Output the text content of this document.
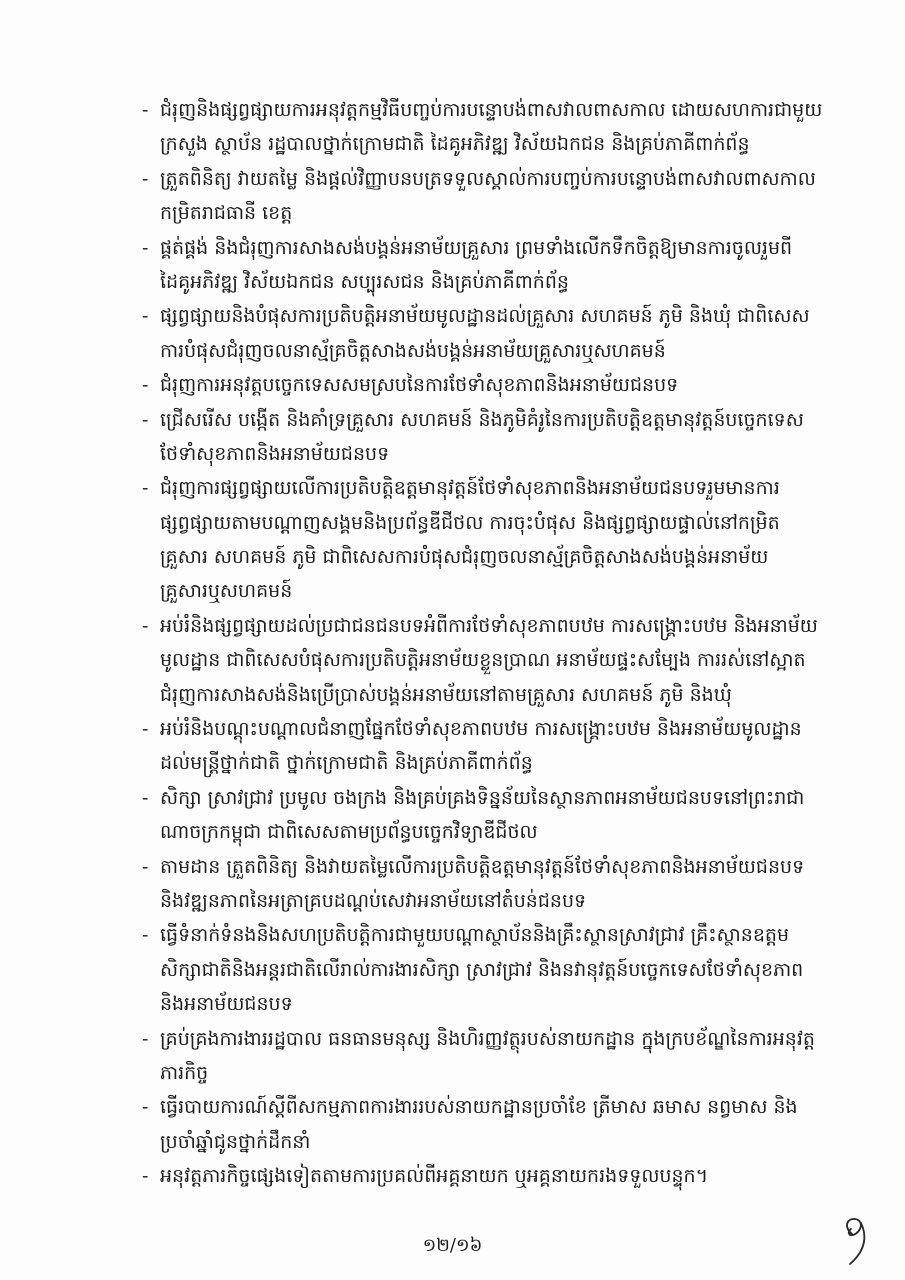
- ជំរុញនិងផ្សព្វផ្សាយការអនុវត្តកម្មវិធីបញ្ចប់ការបន្ទោបង់ពាសវាលពាសកាល ដោយសហការជាមួយ
ក្រសួង ស្ថាប័ន រដ្ឋបាលថ្នាក់ក្រោមជាតិ ដៃគូអភិវឌ្ឍ វិស័យឯកជន និងគ្រប់ភាគីពាក់ព័ន្ធ
- ត្រួតពិនិត្យ វាយតម្លៃ និងផ្ដល់វិញ្ញាបនបត្រទទួលស្គាល់ការបញ្ចប់ការបន្ទោបង់ពាសវាលពាសកាល
កម្រិតរាជធានី ខេត្ត
- ផ្គត់ផ្គង់ និងជំរុញការសាងសង់បង្គន់អនាម័យគ្រួសារ ព្រមទាំងលើកទឹកចិត្តឱ្យមានការចូលរួមពី
ដៃគូអភិវឌ្ឍ វិស័យឯកជន សប្បុរសជន និងគ្រប់ភាគីពាក់ព័ន្ធ
- ផ្សព្វផ្សាយនិងបំផុសការប្រតិបត្តិអនាម័យមូលដ្ឋានដល់គ្រួសារ សហគមន៍ ភូមិ និងឃុំ ជាពិសេស
ការបំផុសជំរុញចលនាស្ម័គ្រចិត្តសាងសង់បង្គន់អនាម័យគ្រួសារឬសហគមន៍
- ជំរុញការអនុវត្តបច្ចេកទេសសមស្របនៃការថែទាំសុខភាពនិងអនាម័យជនបទ
- ជ្រើសរើស បង្កើត និងគាំទ្រគ្រួសារ សហគមន៍ និងភូមិគំរូនៃការប្រតិបត្តិឧត្តមានុវត្តន៍បច្ចេកទេស
ថែទាំសុខភាពនិងអនាម័យជនបទ
- ជំរុញការផ្សព្វផ្សាយលើការប្រតិបត្តិឧត្តមានុវត្តន៍ថែទាំសុខភាពនិងអនាម័យជនបទរួមមានការ
ផ្សព្វផ្សាយតាមបណ្ដាញសង្គមនិងប្រព័ន្ធឌីជីថល ការចុះបំផុស និងផ្សព្វផ្សាយផ្ទាល់នៅកម្រិត
គ្រួសារ សហគមន៍ ភូមិ ជាពិសេសការបំផុសជំរុញចលនាស្ម័គ្រចិត្តសាងសង់បង្គន់អនាម័យ
គ្រួសារឬសហគមន៍
- អប់រំនិងផ្សព្វផ្សាយដល់ប្រជាជនជនបទអំពីការថែទាំសុខភាពបឋម ការសង្គ្រោះបឋម និងអនាម័យ
មូលដ្ឋាន ជាពិសេសបំផុសការប្រតិបត្តិអនាម័យខ្លួនប្រាណ អនាម័យផ្ទះសម្បែង ការរស់នៅស្អាត
ជំរុញការសាងសង់និងប្រើប្រាស់បង្គន់អនាម័យនៅតាមគ្រួសារ សហគមន៍ ភូមិ និងឃុំ
- អប់រំនិងបណ្ដុះបណ្ដាលជំនាញផ្នែកថែទាំសុខភាពបឋម ការសង្គ្រោះបឋម និងអនាម័យមូលដ្ឋាន
ដល់មន្ត្រីថ្នាក់ជាតិ ថ្នាក់ក្រោមជាតិ និងគ្រប់ភាគីពាក់ព័ន្ធ
- សិក្សា ស្រាវជ្រាវ ប្រមូល ចងក្រង និងគ្រប់គ្រងទិន្នន័យនៃស្ថានភាពអនាម័យជនបទនៅព្រះរាជា
ណាចក្រកម្ពុជា ជាពិសេសតាមប្រព័ន្ធបច្ចេកវិទ្យាឌីជីថល
- តាមដាន ត្រួតពិនិត្យ និងវាយតម្លៃលើការប្រតិបត្តិឧត្តមានុវត្តន៍ថែទាំសុខភាពនិងអនាម័យជនបទ
និងវឌ្ឍនភាពនៃអត្រាគ្របដណ្ដប់សេវាអនាម័យនៅតំបន់ជនបទ
- ធ្វើទំនាក់ទំនងនិងសហប្រតិបត្តិការជាមួយបណ្ដាស្ថាប័ននិងគ្រឹះស្ថានស្រាវជ្រាវ គ្រឹះស្ថានឧត្តម
សិក្សាជាតិនិងអន្តរជាតិលើរាល់ការងារសិក្សា ស្រាវជ្រាវ និងនវានុវត្តន៍បច្ចេកទេសថែទាំសុខភាព
និងអនាម័យជនបទ
- គ្រប់គ្រងការងាររដ្ឋបាល ធនធានមនុស្ស និងហិរញ្ញវត្ថុរបស់នាយកដ្ឋាន ក្នុងក្របខ័ណ្ឌនៃការអនុវត្ត
ភារកិច្ច
- ធ្វើរបាយការណ៍ស្ដីពីសកម្មភាពការងាររបស់នាយកដ្ឋានប្រចាំខែ ត្រីមាស ឆមាស នព្វមាស និង
ប្រចាំឆ្នាំជូនថ្នាក់ដឹកនាំ
- អនុវត្តភារកិច្ចផ្សេងទៀតតាមការប្រគល់ពីអគ្គនាយក ឬអគ្គនាយករងទទួលបន្ទុក។
១២/១៦
